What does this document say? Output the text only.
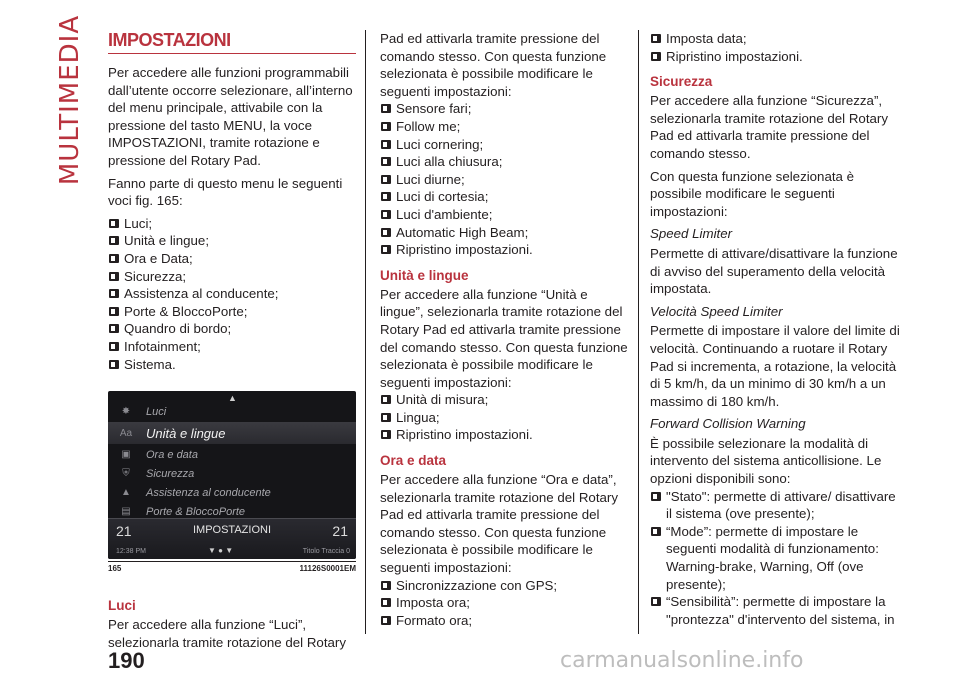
MULTIMEDIA IMPOSTAZIONI

Per accedere alle funzioni programmabili dall’utente occorre selezionare, all’interno del menu principale, attivabile con la pressione del tasto MENU, la voce IMPOSTAZIONI, tramite rotazione e pressione del Rotary Pad.

Fanno parte di questo menu le seguenti voci fig. 165:

Luci;
Unità e lingue;
Ora e Data;
Sicurezza;
Assistenza al conducente;
Porte & BloccoPorte;
Quandro di bordo;
Infotainment;
Sistema.
▲
✸	Luci
Aa Unità e lingue
▣ Ora e data
⛨	Sicurezza
▲ Assistenza al conducente
▤ Porte & BloccoPorte
21	IMPOSTAZIONI	21
12:38 PM	▼ ● ▼	Titolo Traccia 0
165	11126S0001EM
Luci

Per accedere alla funzione “Luci”, selezionarla tramite rotazione del Rotary

Pad ed attivarla tramite pressione del comando stesso. Con questa funzione selezionata è possibile modificare le seguenti impostazioni:

Sensore fari;
Follow me;
Luci cornering;
Luci alla chiusura;
Luci diurne;
Luci di cortesia;
Luci d'ambiente;
Automatic High Beam;
Ripristino impostazioni.
Unità e lingue

Per accedere alla funzione “Unità e lingue”, selezionarla tramite rotazione del Rotary Pad ed attivarla tramite pressione del comando stesso. Con questa funzione selezionata è possibile modificare le seguenti impostazioni:

Unità di misura;
Lingua;
Ripristino impostazioni.
Ora e data

Per accedere alla funzione “Ora e data”, selezionarla tramite rotazione del Rotary Pad ed attivarla tramite pressione del comando stesso. Con questa funzione selezionata è possibile modificare le seguenti impostazioni:

Sincronizzazione con GPS;
Imposta ora;
Formato ora;
Imposta data;
Ripristino impostazioni.
Sicurezza

Per accedere alla funzione “Sicurezza”, selezionarla tramite rotazione del Rotary Pad ed attivarla tramite pressione del comando stesso.

Con questa funzione selezionata è possibile modificare le seguenti impostazioni:

Speed Limiter

Permette di attivare/disattivare la funzione di avviso del superamento della velocità impostata.

Velocità Speed Limiter

Permette di impostare il valore del limite di velocità. Continuando a ruotare il Rotary Pad si incrementa, a rotazione, la velocità di 5 km/h, da un minimo di 30 km/h a un massimo di 180 km/h.

Forward Collision Warning

È possibile selezionare la modalità di intervento del sistema anticollisione. Le opzioni disponibili sono:

"Stato": permette di attivare/ disattivare il sistema (ove presente);
“Mode”: permette di impostare le seguenti modalità di funzionamento: Warning-brake, Warning, Off (ove presente);
“Sensibilità”: permette di impostare la "prontezza" d'intervento del sistema, in
190	carmanualsonline.info
